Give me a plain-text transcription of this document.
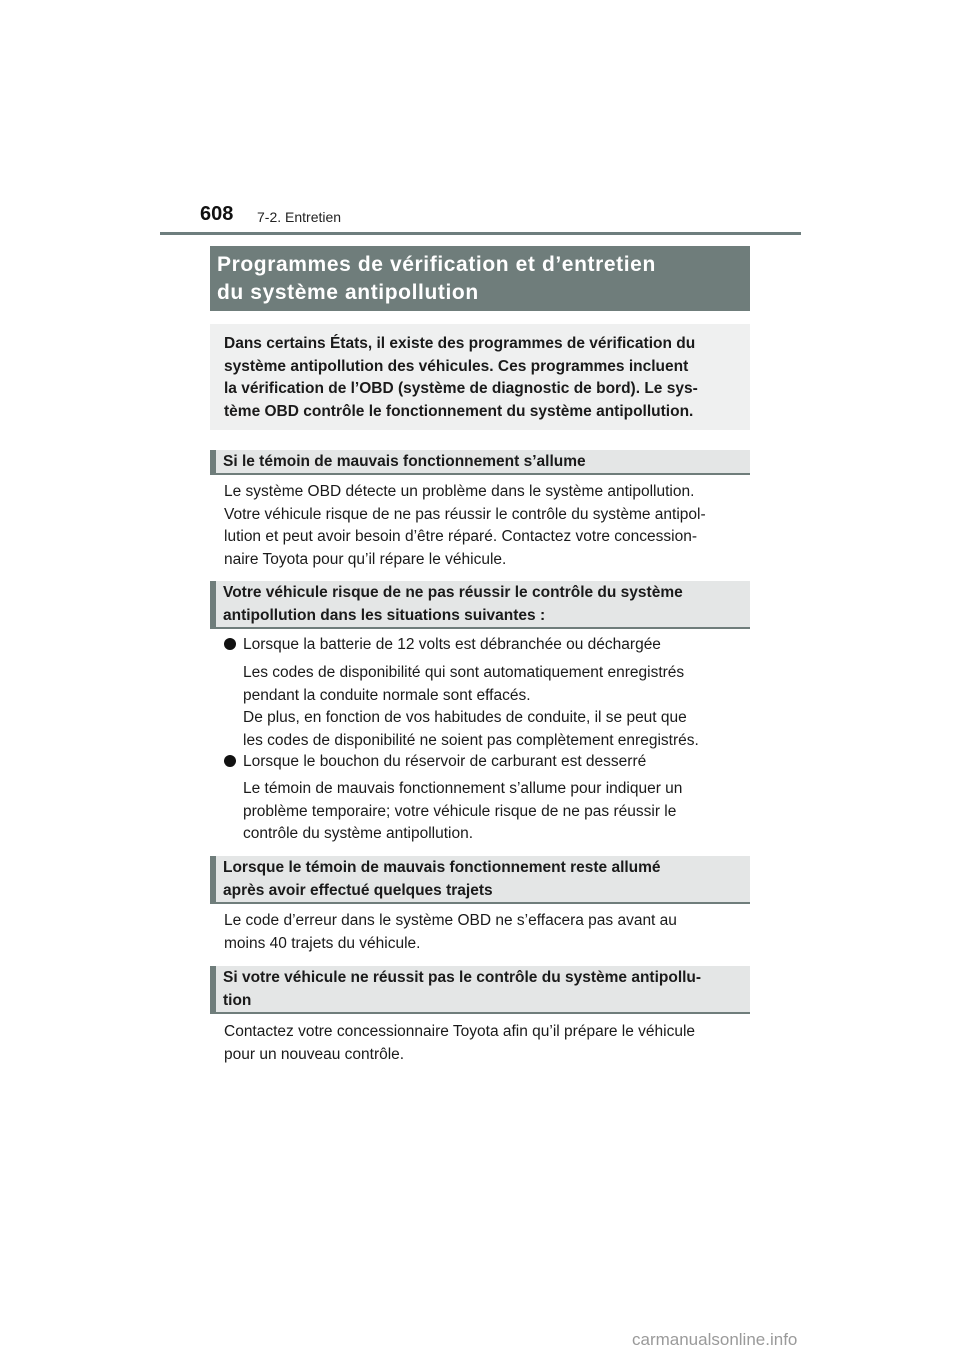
608 7-2. Entretien
Programmes de vérification et d’entretien
du système antipollution
Dans certains États, il existe des programmes de vérification du
système antipollution des véhicules. Ces programmes incluent
la vérification de l’OBD (système de diagnostic de bord). Le sys-
tème OBD contrôle le fonctionnement du système antipollution.
Si le témoin de mauvais fonctionnement s’allume
Le système OBD détecte un problème dans le système antipollution.
Votre véhicule risque de ne pas réussir le contrôle du système antipol-
lution et peut avoir besoin d’être réparé. Contactez votre concession-
naire Toyota pour qu’il répare le véhicule.
Votre véhicule risque de ne pas réussir le contrôle du système
antipollution dans les situations suivantes :
Lorsque la batterie de 12 volts est débranchée ou déchargée
Les codes de disponibilité qui sont automatiquement enregistrés
pendant la conduite normale sont effacés.
De plus, en fonction de vos habitudes de conduite, il se peut que
les codes de disponibilité ne soient pas complètement enregistrés.
Lorsque le bouchon du réservoir de carburant est desserré
Le témoin de mauvais fonctionnement s’allume pour indiquer un
problème temporaire; votre véhicule risque de ne pas réussir le
contrôle du système antipollution.
Lorsque le témoin de mauvais fonctionnement reste allumé
après avoir effectué quelques trajets
Le code d’erreur dans le système OBD ne s’effacera pas avant au
moins 40 trajets du véhicule.
Si votre véhicule ne réussit pas le contrôle du système antipollu-
tion
Contactez votre concessionnaire Toyota afin qu’il prépare le véhicule
pour un nouveau contrôle.
carmanualsonline.info
